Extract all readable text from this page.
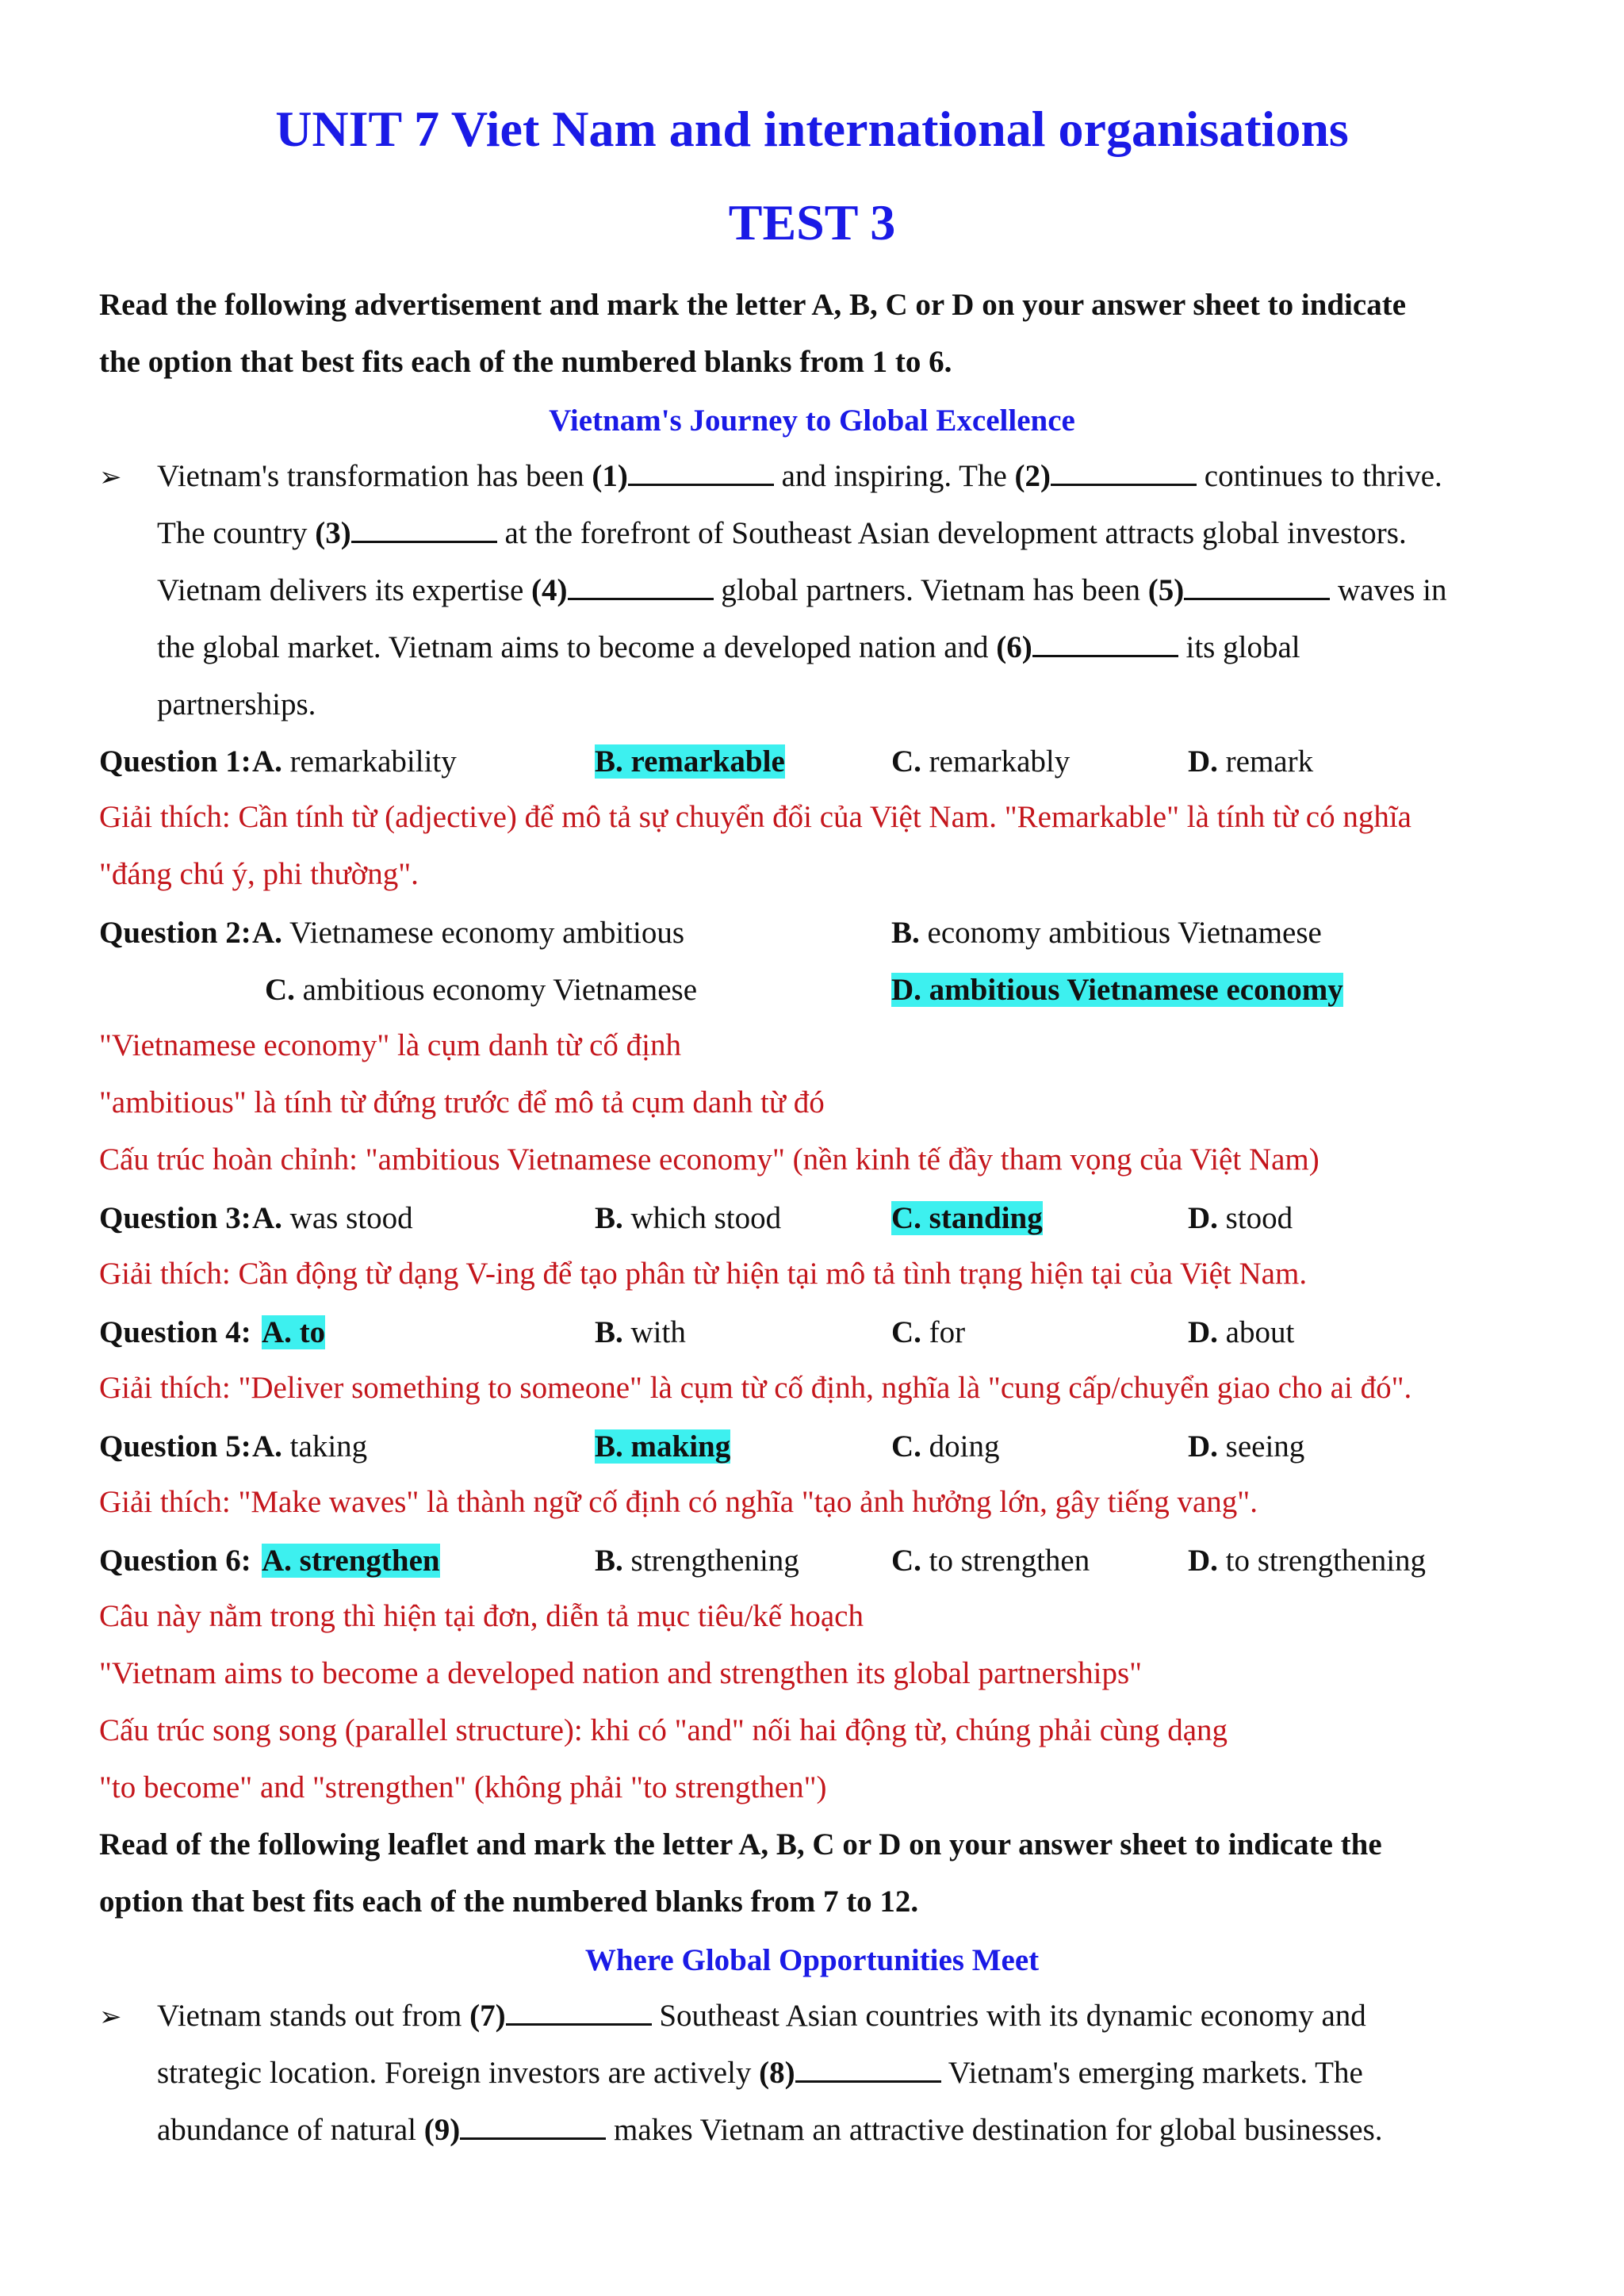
UNIT 7 Viet Nam and international organisations
TEST 3
Read the following advertisement and mark the letter A, B, C or D on your answer sheet to indicate
the option that best fits each of the numbered blanks from 1 to 6.
Vietnam's Journey to Global Excellence
➢ Vietnam's transformation has been (1)	and inspiring. The (2)	continues to thrive.
The country (3)	at the forefront of Southeast Asian development attracts global investors.
Vietnam delivers its expertise (4)	global partners. Vietnam has been (5)	waves in
the global market. Vietnam aims to become a developed nation and (6)	its global
partnerships.
Question 1: A. remarkability	B. remarkable	C. remarkably	D. remark
Giải thích: Cần tính từ (adjective) để mô tả sự chuyển đổi của Việt Nam. "Remarkable" là tính từ có nghĩa
"đáng chú ý, phi thường".
Question 2: A. Vietnamese economy ambitious	B. economy ambitious Vietnamese
C. ambitious economy Vietnamese	D. ambitious Vietnamese economy
"Vietnamese economy" là cụm danh từ cố định
"ambitious" là tính từ đứng trước để mô tả cụm danh từ đó
Cấu trúc hoàn chỉnh: "ambitious Vietnamese economy" (nền kinh tế đầy tham vọng của Việt Nam)
Question 3: A. was stood	B. which stood	C. standing	D. stood
Giải thích: Cần động từ dạng V-ing để tạo phân từ hiện tại mô tả tình trạng hiện tại của Việt Nam.
Question 4: A. to	B. with	C. for	D. about
Giải thích: "Deliver something to someone" là cụm từ cố định, nghĩa là "cung cấp/chuyển giao cho ai đó".
Question 5: A. taking	B. making	C. doing	D. seeing
Giải thích: "Make waves" là thành ngữ cố định có nghĩa "tạo ảnh hưởng lớn, gây tiếng vang".
Question 6: A. strengthen	B. strengthening	C. to strengthen	D. to strengthening
Câu này nằm trong thì hiện tại đơn, diễn tả mục tiêu/kế hoạch
"Vietnam aims to become a developed nation and strengthen its global partnerships"
Cấu trúc song song (parallel structure): khi có "and" nối hai động từ, chúng phải cùng dạng
"to become" and "strengthen" (không phải "to strengthen")
Read of the following leaflet and mark the letter A, B, C or D on your answer sheet to indicate the
option that best fits each of the numbered blanks from 7 to 12.
Where Global Opportunities Meet
➢ Vietnam stands out from (7)	Southeast Asian countries with its dynamic economy and
strategic location. Foreign investors are actively (8)	Vietnam's emerging markets. The
abundance of natural (9)	makes Vietnam an attractive destination for global businesses.
